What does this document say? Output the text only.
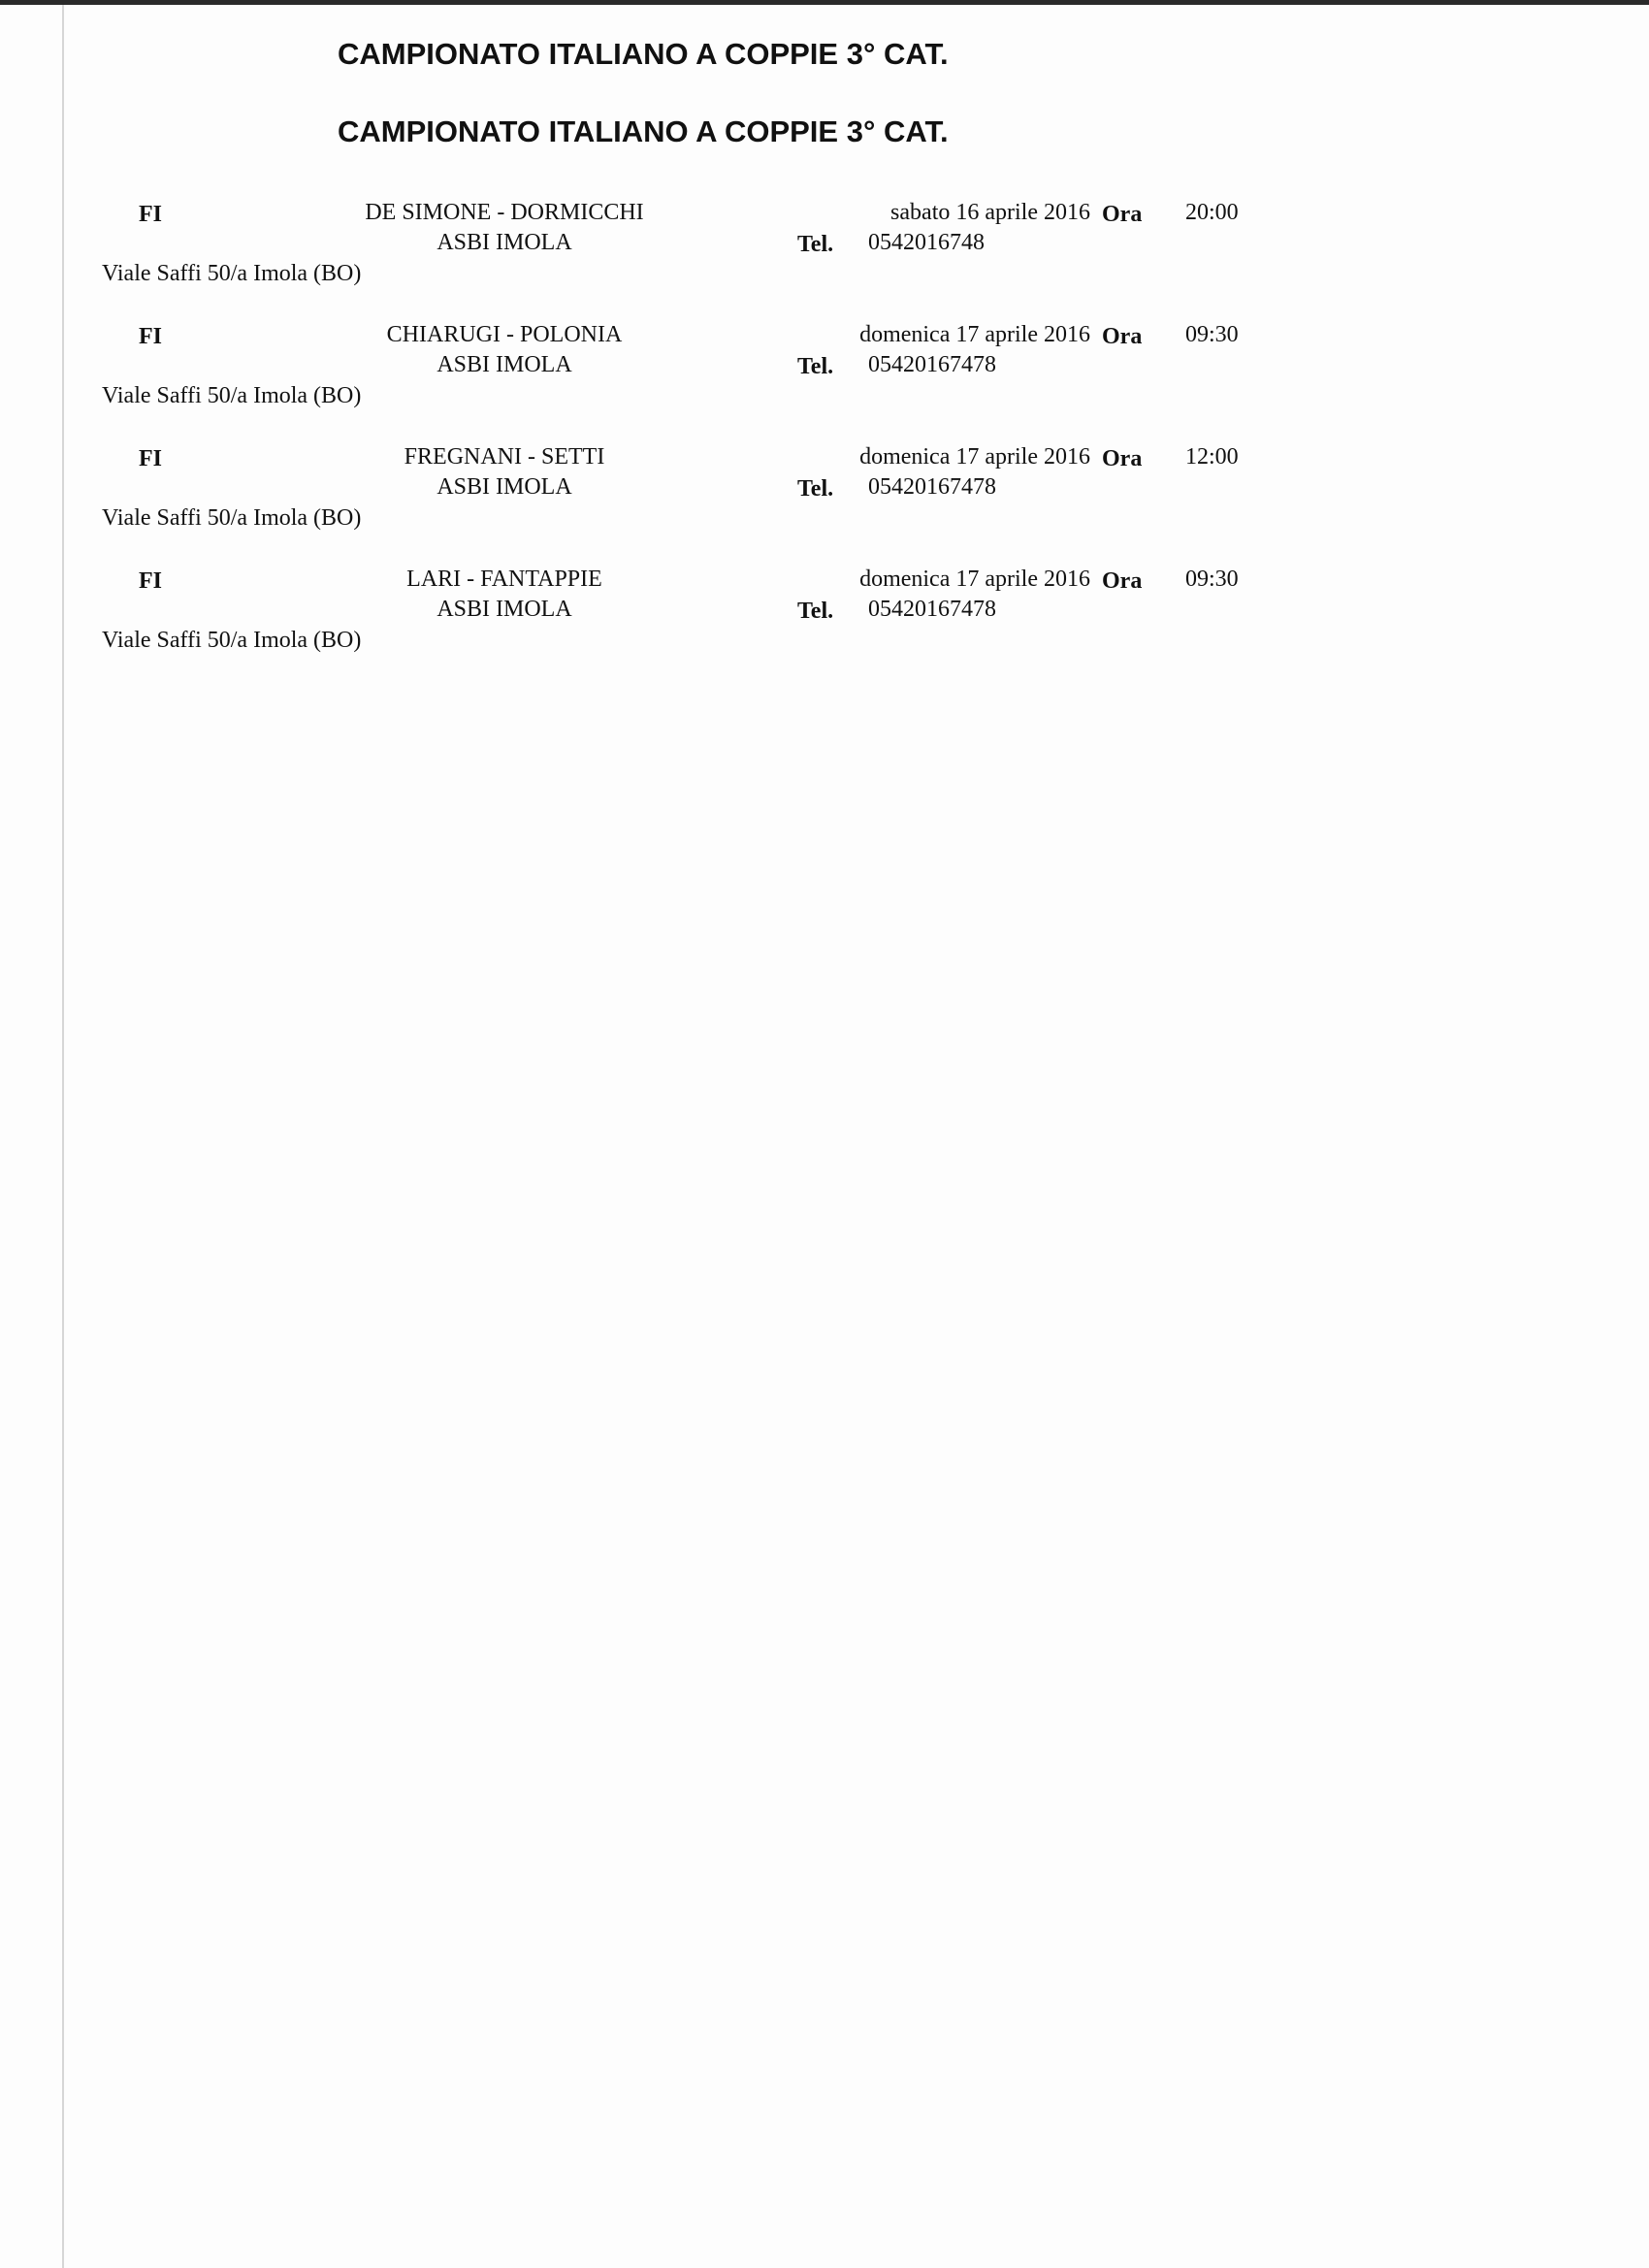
CAMPIONATO ITALIANO A COPPIE 3° CAT.
CAMPIONATO ITALIANO A COPPIE 3° CAT.
FI	DE SIMONE - DORMICCHI	sabato 16 aprile 2016 Ora 20:00
ASBI IMOLA	Tel. 0542016748
Viale Saffi 50/a Imola (BO)
FI	CHIARUGI - POLONIA	domenica 17 aprile 2016 Ora 09:30
ASBI IMOLA	Tel. 05420167478
Viale Saffi 50/a Imola (BO)
FI	FREGNANI - SETTI	domenica 17 aprile 2016 Ora 12:00
ASBI IMOLA	Tel. 05420167478
Viale Saffi 50/a Imola (BO)
FI	LARI - FANTAPPIE	domenica 17 aprile 2016 Ora 09:30
ASBI IMOLA	Tel. 05420167478
Viale Saffi 50/a Imola (BO)
